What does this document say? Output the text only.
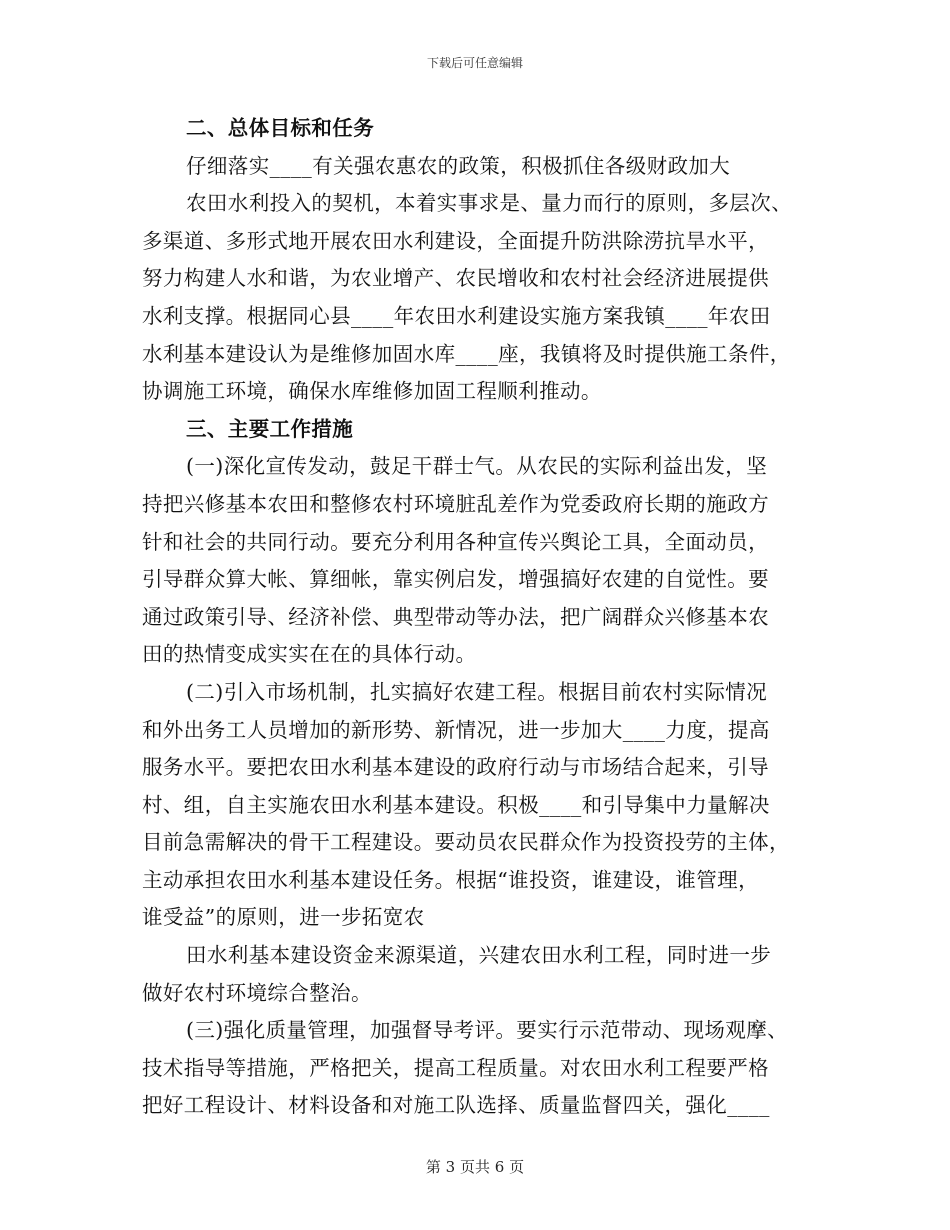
下载后可任意编辑
二、总体目标和任务
仔细落实____有关强农惠农的政策，积极抓住各级财政加大
农田水利投入的契机，本着实事求是、量力而行的原则，多层次、
多渠道、多形式地开展农田水利建设，全面提升防洪除涝抗旱水平，
努力构建人水和谐，为农业增产、农民增收和农村社会经济进展提供
水利支撑。根据同心县____年农田水利建设实施方案我镇____年农田
水利基本建设认为是维修加固水库____座，我镇将及时提供施工条件，
协调施工环境，确保水库维修加固工程顺利推动。
三、主要工作措施
(一)深化宣传发动，鼓足干群士气。从农民的实际利益出发，坚
持把兴修基本农田和整修农村环境脏乱差作为党委政府长期的施政方
针和社会的共同行动。要充分利用各种宣传兴舆论工具，全面动员，
引导群众算大帐、算细帐，靠实例启发，增强搞好农建的自觉性。要
通过政策引导、经济补偿、典型带动等办法，把广阔群众兴修基本农
田的热情变成实实在在的具体行动。
(二)引入市场机制，扎实搞好农建工程。根据目前农村实际情况
和外出务工人员增加的新形势、新情况，进一步加大____力度，提高
服务水平。要把农田水利基本建设的政府行动与市场结合起来，引导
村、组，自主实施农田水利基本建设。积极____和引导集中力量解决
目前急需解决的骨干工程建设。要动员农民群众作为投资投劳的主体，
主动承担农田水利基本建设任务。根据“谁投资，谁建设，谁管理，
谁受益”的原则，进一步拓宽农
田水利基本建设资金来源渠道，兴建农田水利工程，同时进一步
做好农村环境综合整治。
(三)强化质量管理，加强督导考评。要实行示范带动、现场观摩、
技术指导等措施，严格把关，提高工程质量。对农田水利工程要严格
把好工程设计、材料设备和对施工队选择、质量监督四关，强化____
第 3 页共 6 页
